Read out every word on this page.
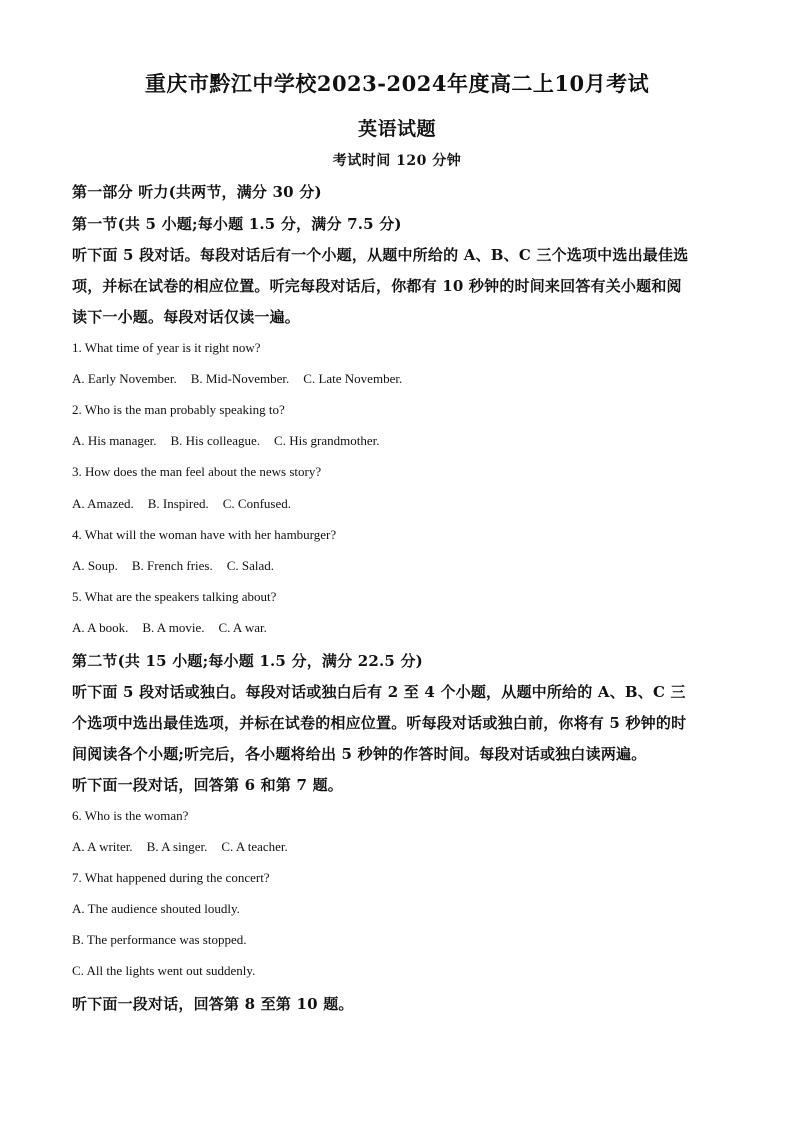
重庆市黔江中学校2023-2024年度高二上10月考试
英语试题
考试时间 120 分钟
第一部分 听力(共两节，满分 30 分)
第一节(共 5 小题;每小题 1.5 分，满分 7.5 分)
听下面 5 段对话。每段对话后有一个小题，从题中所给的 A、B、C 三个选项中选出最佳选
项，并标在试卷的相应位置。听完每段对话后，你都有 10 秒钟的时间来回答有关小题和阅
读下一小题。每段对话仅读一遍。
1. What time of year is it right now?
A. Early November. B. Mid-November. C. Late November.
2. Who is the man probably speaking to?
A. His manager. B. His colleague. C. His grandmother.
3. How does the man feel about the news story?
A. Amazed. B. Inspired. C. Confused.
4. What will the woman have with her hamburger?
A. Soup. B. French fries. C. Salad.
5. What are the speakers talking about?
A. A book. B. A movie. C. A war.
第二节(共 15 小题;每小题 1.5 分，满分 22.5 分)
听下面 5 段对话或独白。每段对话或独白后有 2 至 4 个小题，从题中所给的 A、B、C 三
个选项中选出最佳选项，并标在试卷的相应位置。听每段对话或独白前，你将有 5 秒钟的时
间阅读各个小题;听完后，各小题将给出 5 秒钟的作答时间。每段对话或独白读两遍。
听下面一段对话，回答第 6 和第 7 题。
6. Who is the woman?
A. A writer. B. A singer. C. A teacher.
7. What happened during the concert?
A. The audience shouted loudly.
B. The performance was stopped.
C. All the lights went out suddenly.
听下面一段对话，回答第 8 至第 10 题。
